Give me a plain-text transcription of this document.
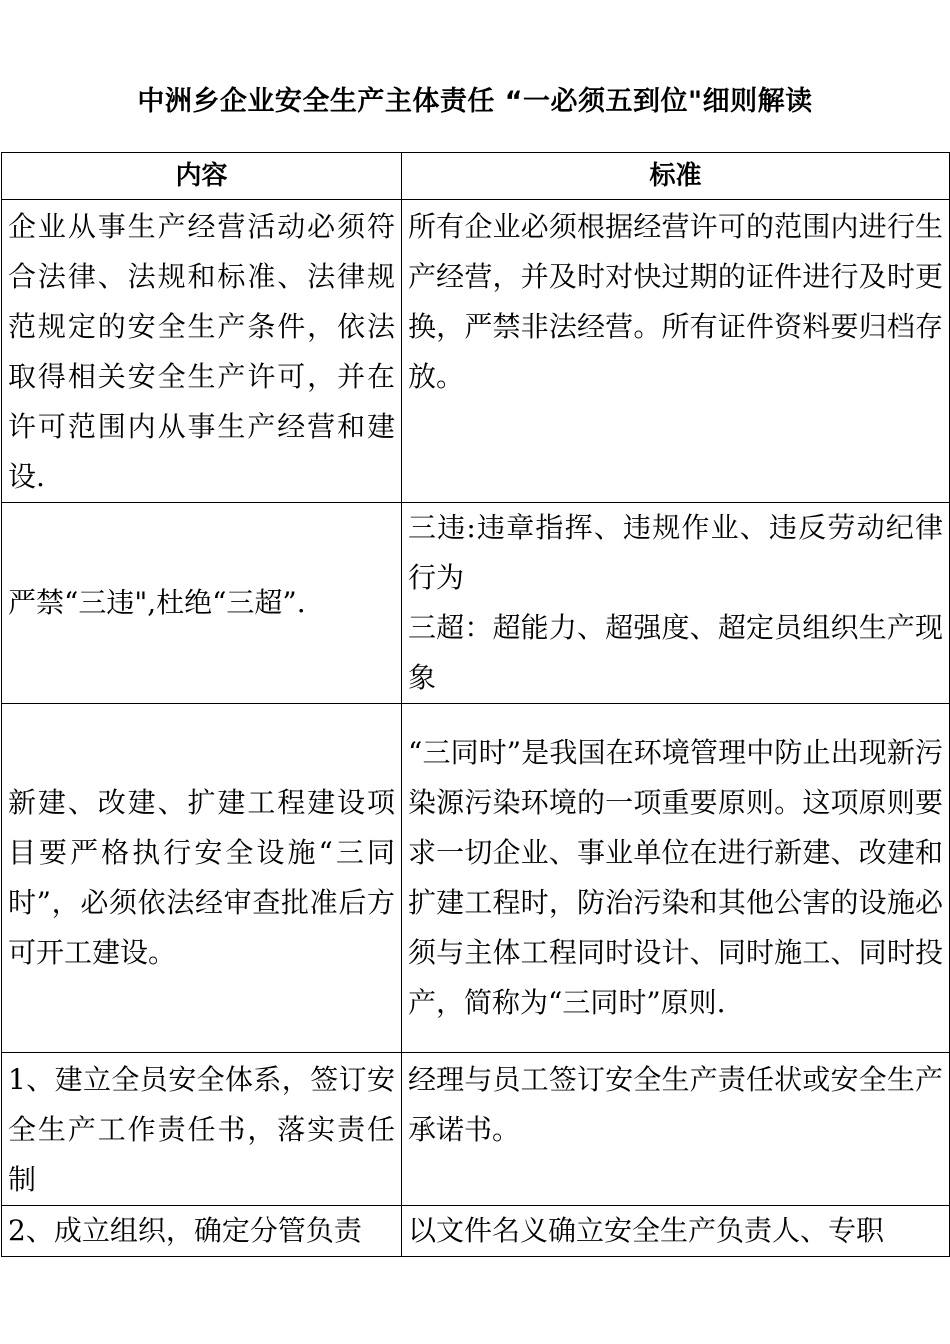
中洲乡企业安全生产主体责任 “一必须五到位"细则解读
内容	标准
企业从事生产经营活动必须符合法律、法规和标准、法律规范规定的安全生产条件，依法取得相关安全生产许可，并在许可范围内从事生产经营和建设.	所有企业必须根据经营许可的范围内进行生产经营，并及时对快过期的证件进行及时更换，严禁非法经营。所有证件资料要归档存放。

严禁“三违",杜绝“三超”.	三违:违章指挥、违规作业、违反劳动纪律行为
三超：超能力、超强度、超定员组织生产现象

新建、改建、扩建工程建设项目要严格执行安全设施“三同时”，必须依法经审查批准后方可开工建设。	“三同时”是我国在环境管理中防止出现新污染源污染环境的一项重要原则。这项原则要求一切企业、事业单位在进行新建、改建和扩建工程时，防治污染和其他公害的设施必须与主体工程同时设计、同时施工、同时投产，简称为“三同时”原则.

1、建立全员安全体系，签订安全生产工作责任书，落实责任制	经理与员工签订安全生产责任状或安全生产承诺书。

2、成立组织，确定分管负责	以文件名义确立安全生产负责人、专职
